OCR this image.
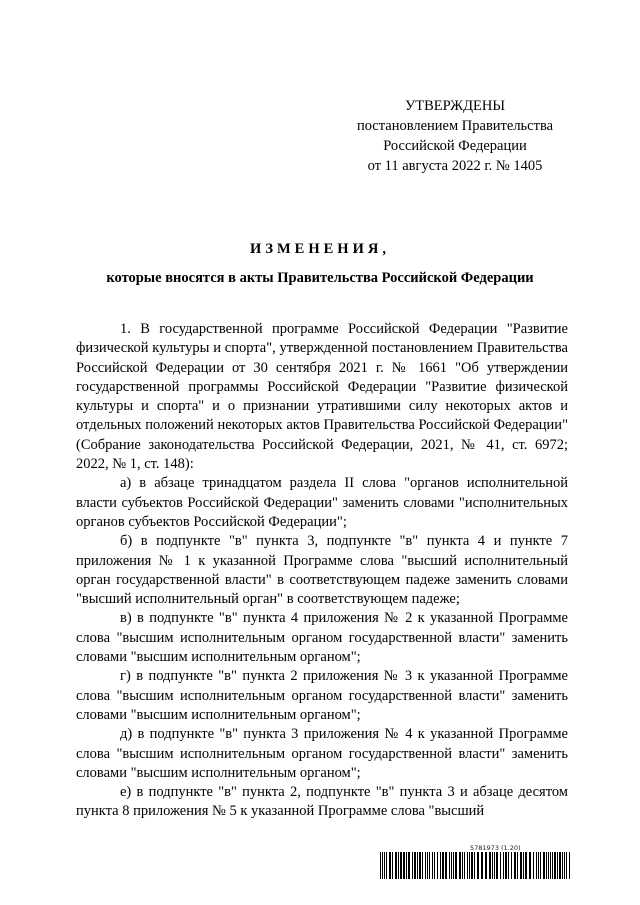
УТВЕРЖДЕНЫ
постановлением Правительства
Российской Федерации
от 11 августа 2022 г. № 1405
ИЗМЕНЕНИЯ,
которые вносятся в акты Правительства Российской Федерации

1. В государственной программе Российской Федерации "Развитие физической культуры и спорта", утвержденной постановлением Правительства Российской Федерации от 30 сентября 2021 г. № 1661 "Об утверждении государственной программы Российской Федерации "Развитие физической культуры и спорта" и о признании утратившими силу некоторых актов и отдельных положений некоторых актов Правительства Российской Федерации" (Собрание законодательства Российской Федерации, 2021, № 41, ст. 6972; 2022, № 1, ст. 148):

а) в абзаце тринадцатом раздела II слова "органов исполнительной власти субъектов Российской Федерации" заменить словами "исполнительных органов субъектов Российской Федерации";

б) в подпункте "в" пункта 3, подпункте "в" пункта 4 и пункте 7 приложения № 1 к указанной Программе слова "высший исполнительный орган государственной власти" в соответствующем падеже заменить словами "высший исполнительный орган" в соответствующем падеже;

в) в подпункте "в" пункта 4 приложения № 2 к указанной Программе слова "высшим исполнительным органом государственной власти" заменить словами "высшим исполнительным органом";

г) в подпункте "в" пункта 2 приложения № 3 к указанной Программе слова "высшим исполнительным органом государственной власти" заменить словами "высшим исполнительным органом";

д) в подпункте "в" пункта 3 приложения № 4 к указанной Программе слова "высшим исполнительным органом государственной власти" заменить словами "высшим исполнительным органом";

е) в подпункте "в" пункта 2, подпункте "в" пункта 3 и абзаце десятом пункта 8 приложения № 5 к указанной Программе слова "высший

5781973 (1.20)
